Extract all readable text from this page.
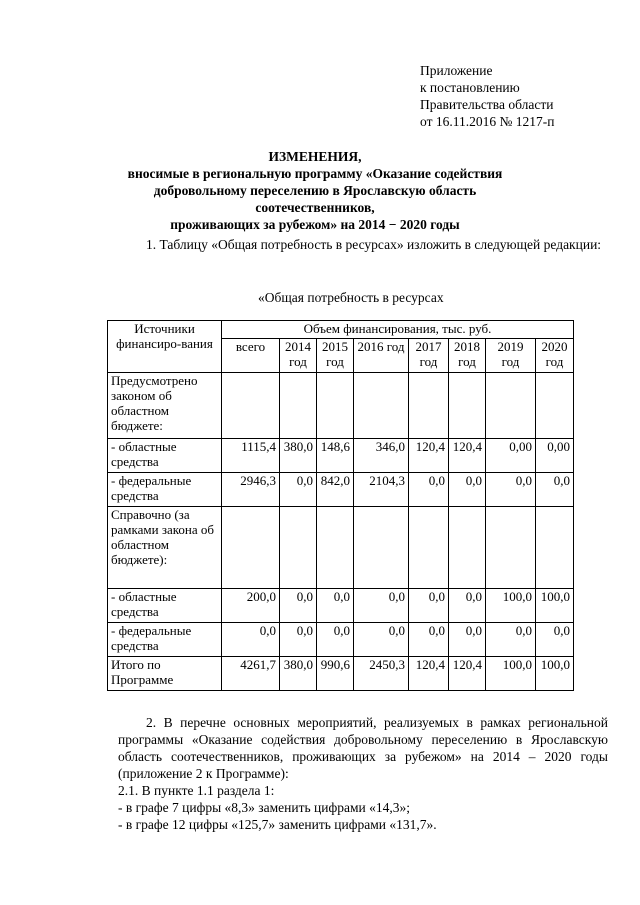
Приложение
к постановлению
Правительства области
от 16.11.2016 № 1217-п
ИЗМЕНЕНИЯ,
вносимые в региональную программу «Оказание содействия
добровольному переселению в Ярославскую область соотечественников,
проживающих за рубежом» на 2014 − 2020 годы
1. Таблицу «Общая потребность в ресурсах» изложить в следующей редакции:
«Общая потребность в ресурсах
Источники финансиро-вания	Объем финансирования, тыс. руб.							
	всего	2014 год	2015 год	2016 год	2017 год	2018 год	2019 год	2020 год
Предусмотрено законом об областном бюджете:								
- областные средства	1115,4	380,0	148,6	346,0	120,4	120,4	0,00	0,00
- федеральные средства	2946,3	0,0	842,0	2104,3	0,0	0,0	0,0	0,0
Справочно (за рамками закона об областном бюджете):								
- областные средства	200,0	0,0	0,0	0,0	0,0	0,0	100,0	100,0
- федеральные средства	0,0	0,0	0,0	0,0	0,0	0,0	0,0	0,0
Итого по Программе	4261,7	380,0	990,6	2450,3	120,4	120,4	100,0	100,0
2. В перечне основных мероприятий, реализуемых в рамках региональной программы «Оказание содействия добровольному переселению в Ярославскую область соотечественников, проживающих за рубежом» на 2014 – 2020 годы (приложение 2 к Программе):
2.1. В пункте 1.1 раздела 1:
- в графе 7 цифры «8,3» заменить цифрами «14,3»;
- в графе 12 цифры «125,7» заменить цифрами «131,7».
